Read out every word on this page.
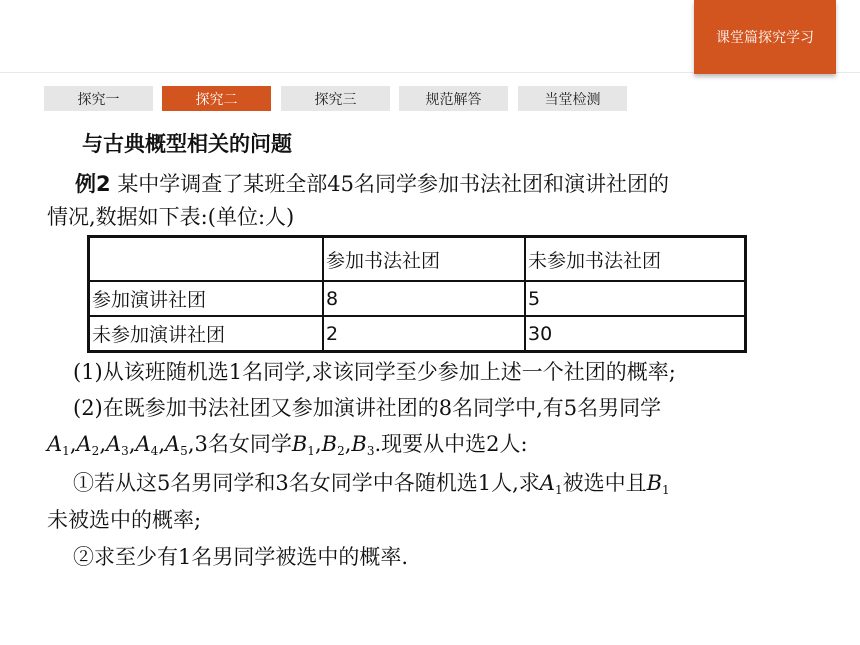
课堂篇探究学习
探究一	探究二	探究三	规范解答	当堂检测
与古典概型相关的问题
例2 某中学调查了某班全部45名同学参加书法社团和演讲社团的
情况,数据如下表:(单位:人)
	参加书法社团	未参加书法社团
参加演讲社团	8	5
未参加演讲社团	2	30
(1)从该班随机选1名同学,求该同学至少参加上述一个社团的概率;
(2)在既参加书法社团又参加演讲社团的8名同学中,有5名男同学
$A_1,A_2,A_3,A_4,A_5,3$名女同学$B_1,B_2,B_3$.现要从中选2人:
①若从这5名男同学和3名女同学中各随机选1人,求$A_1$被选中且$B_1$
未被选中的概率;
②求至少有1名男同学被选中的概率.
